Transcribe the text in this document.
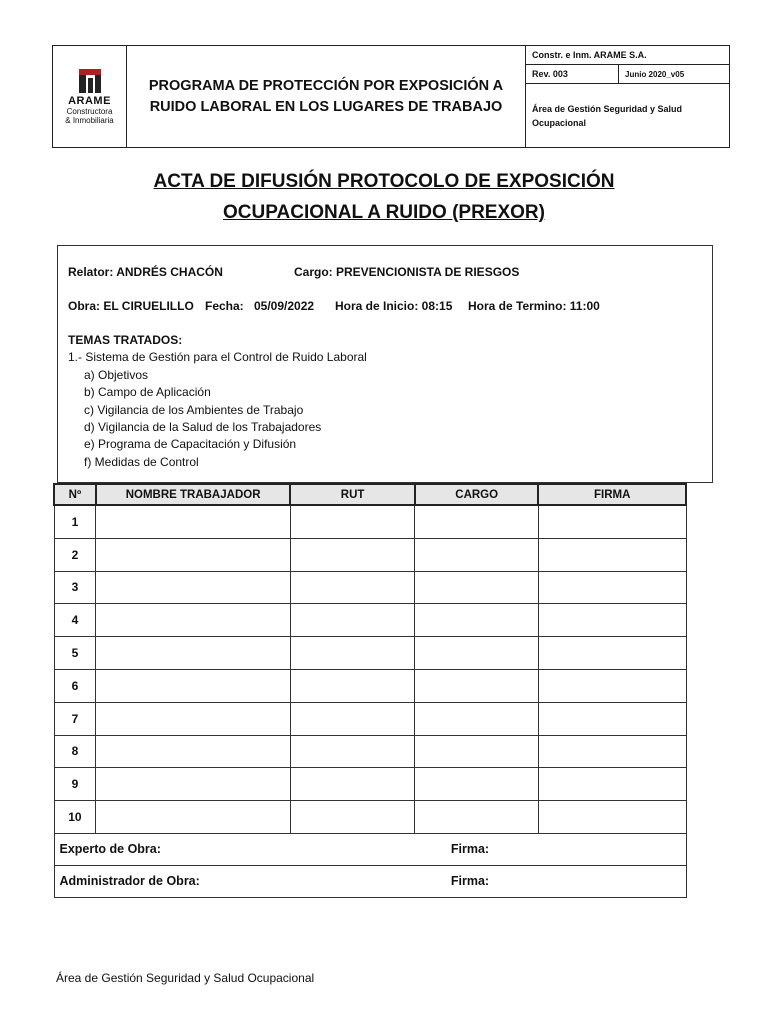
ARAME
Constructora
& Inmobiliaria
PROGRAMA DE PROTECCIÓN POR EXPOSICIÓN A RUIDO LABORAL EN LOS LUGARES DE TRABAJO
Constr. e Inm. ARAME S.A.
Rev. 003	Junio 2020_v05
Área de Gestión Seguridad y Salud Ocupacional
ACTA DE DIFUSIÓN PROTOCOLO DE EXPOSICIÓN
OCUPACIONAL A RUIDO (PREXOR)
Relator: ANDRÉS CHACÓN	Cargo: PREVENCIONISTA DE RIESGOS
Obra: EL CIRUELILLO Fecha: 05/09/2022 Hora de Inicio: 08:15 Hora de Termino: 11:00
TEMAS TRATADOS:
1.- Sistema de Gestión para el Control de Ruido Laboral
a) Objetivos
b) Campo de Aplicación
c) Vigilancia de los Ambientes de Trabajo
d) Vigilancia de la Salud de los Trabajadores
e) Programa de Capacitación y Difusión
f) Medidas de Control
Nº	NOMBRE TRABAJADOR	RUT	CARGO	FIRMA
1				
2				
3				
4				
5				
6				
7				
8				
9				
10				
Experto de Obra:			Firma:	
Administrador de Obra:			Firma:	
Área de Gestión Seguridad y Salud Ocupacional
